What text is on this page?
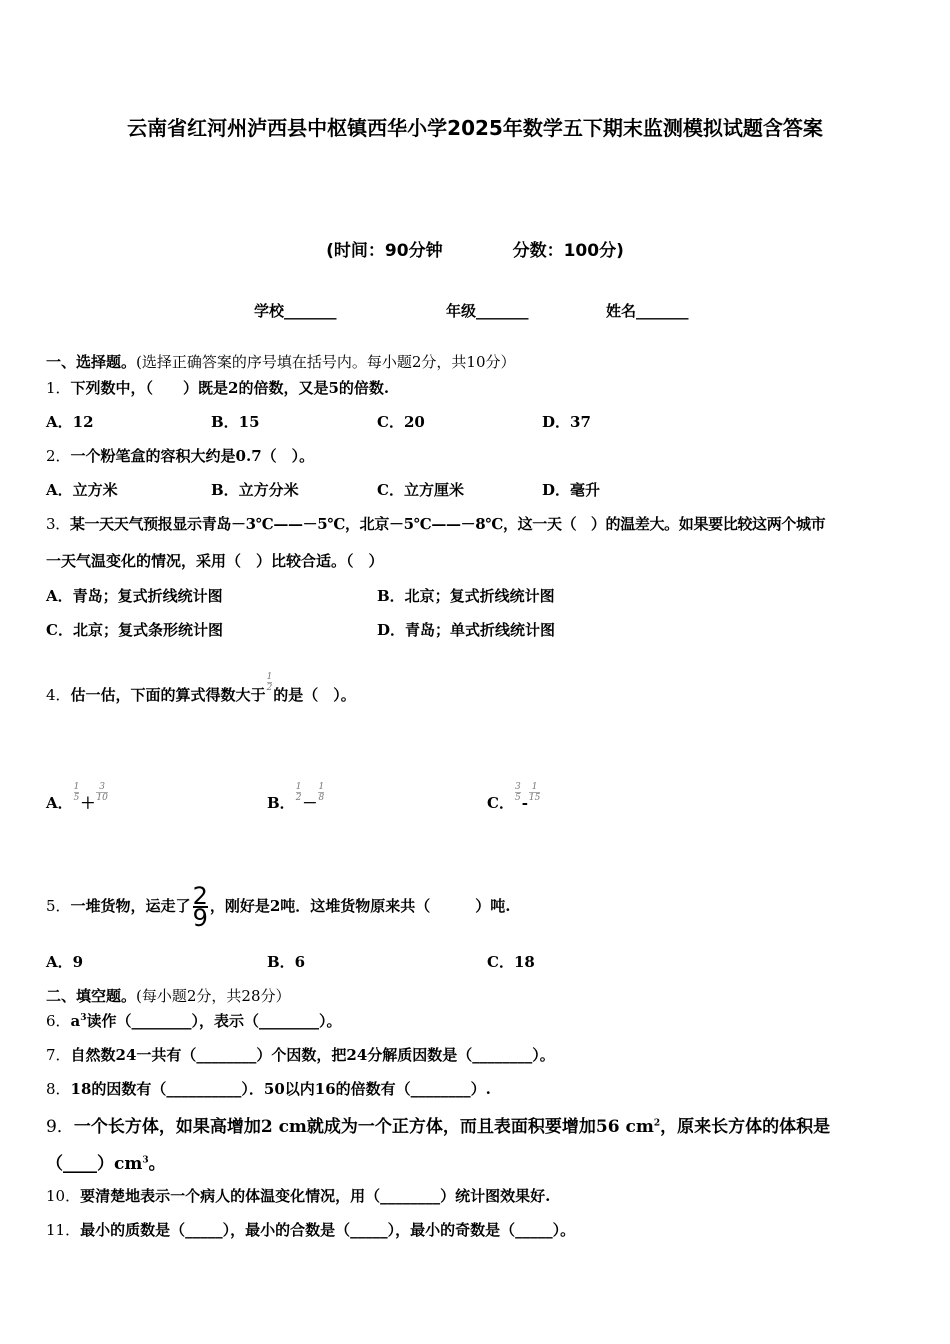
云南省红河州泸西县中枢镇西华小学2025年数学五下期末监测模拟试题含答案
(时间：90分钟	分数：100分)
学校_______	年级_______	姓名_______
一、选择题。(选择正确答案的序号填在括号内。每小题2分，共10分）
1．下列数中，（　　）既是2的倍数，又是5的倍数.
A．12	B．15	C．20	D．37
2．一个粉笔盒的容积大约是0.7（　）。
A．立方米	B．立方分米	C．立方厘米	D．毫升
3．某一天天气预报显示青岛－3℃——－5℃，北京－5℃——－8℃，这一天（　）的温差大。如果要比较这两个城市
一天气温变化的情况，采用（　）比较合适。（　）
A．青岛；复式折线统计图	B．北京；复式折线统计图
C．北京；复式条形统计图	D．青岛；单式折线统计图
4．估一估，下面的算式得数大于
$\frac{1}{2}$
的是（　）。
A．
$\frac{1}{5}$
＋
$\frac{3}{10}$
B．
$\frac{1}{2}$
－
$\frac{1}{8}$
C．
$\frac{3}{5}$
-
$\frac{1}{15}$
5．一堆货物，运走了 $\frac{2}{9}$ ，刚好是2吨．这堆货物原来共（　　　）吨.
A．9	B．6	C．18
二、填空题。(每小题2分，共28分）
6．$a^3$读作（________），表示（________）。
7．自然数24一共有（________）个因数，把24分解质因数是（________）。
8．18的因数有（__________）．50以内16的倍数有（________）.
9．一个长方体，如果高增加2 cm就成为一个正方体，而且表面积要增加56 $cm^2$，原来长方体的体积是
$(\_\_\_\_)cm^3$。
10．要清楚地表示一个病人的体温变化情况，用（________）统计图效果好.
11．最小的质数是（_____），最小的合数是（_____），最小的奇数是（_____）。
